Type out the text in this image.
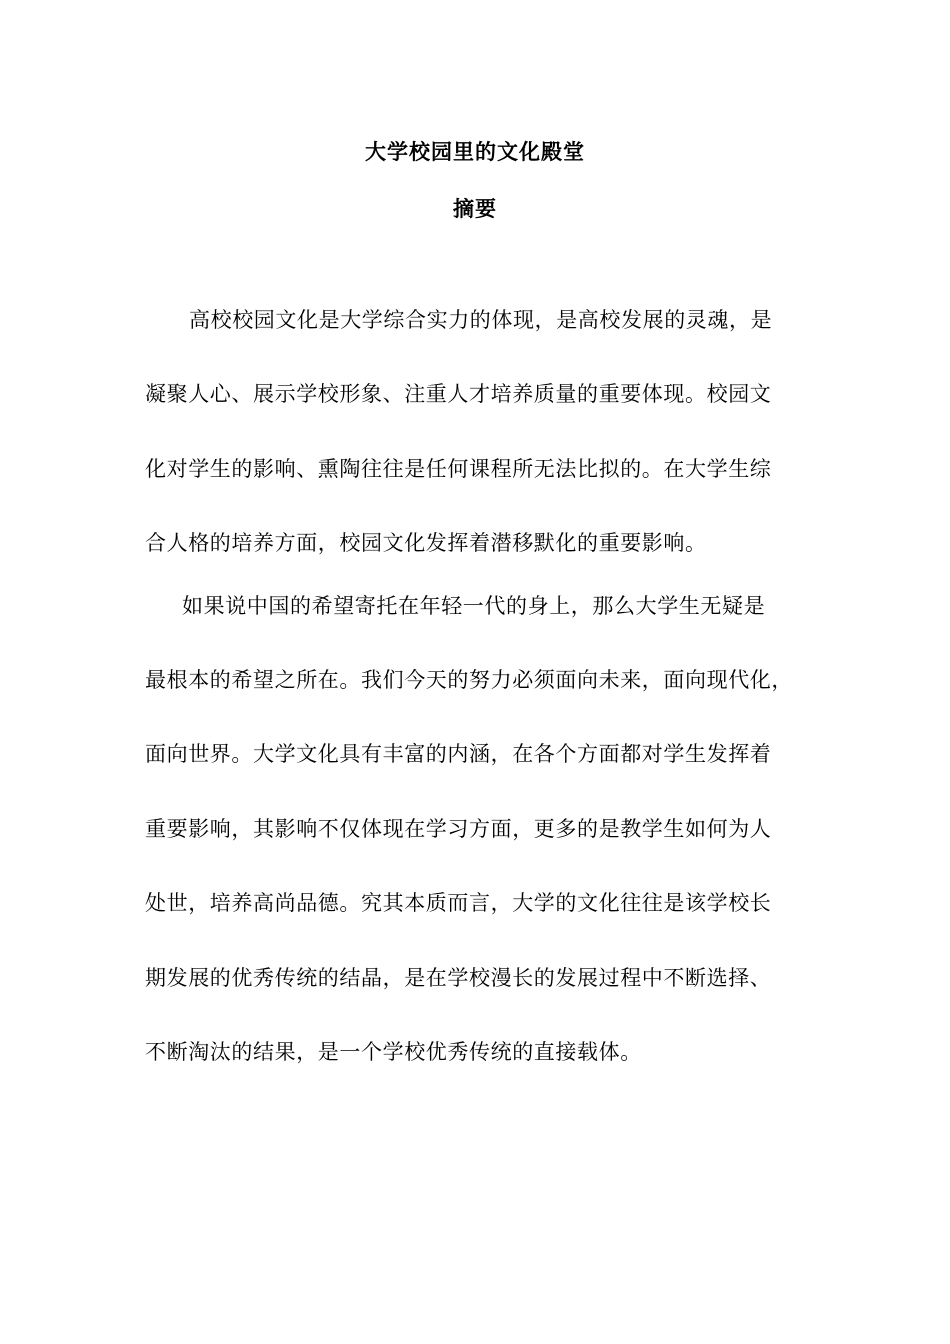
大学校园里的文化殿堂
摘要
高校校园文化是大学综合实力的体现，是高校发展的灵魂，是
凝聚人心、展示学校形象、注重人才培养质量的重要体现。校园文
化对学生的影响、熏陶往往是任何课程所无法比拟的。在大学生综
合人格的培养方面，校园文化发挥着潜移默化的重要影响。
如果说中国的希望寄托在年轻一代的身上，那么大学生无疑是
最根本的希望之所在。我们今天的努力必须面向未来，面向现代化，
面向世界。大学文化具有丰富的内涵，在各个方面都对学生发挥着
重要影响，其影响不仅体现在学习方面，更多的是教学生如何为人
处世，培养高尚品德。究其本质而言，大学的文化往往是该学校长
期发展的优秀传统的结晶，是在学校漫长的发展过程中不断选择、
不断淘汰的结果，是一个学校优秀传统的直接载体。
